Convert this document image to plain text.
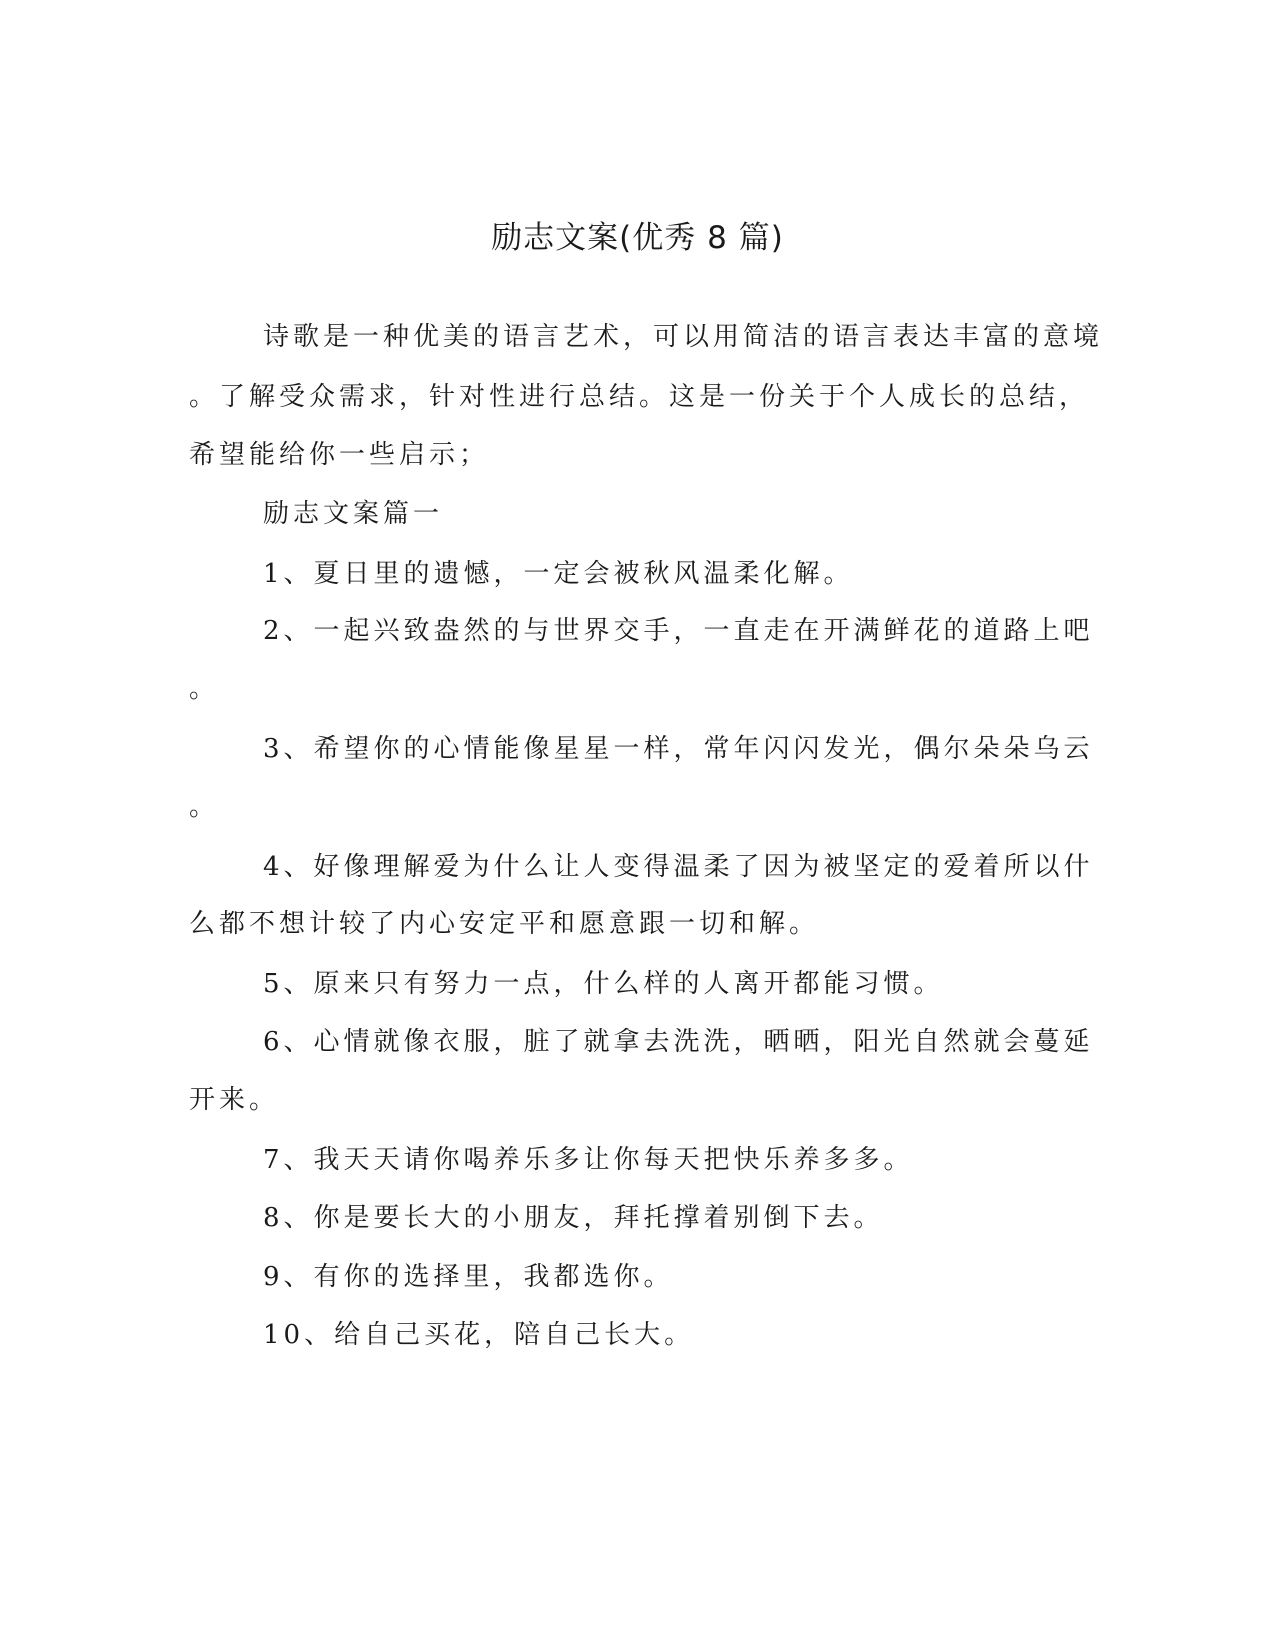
励志文案(优秀 8 篇)

诗歌是一种优美的语言艺术，可以用简洁的语言表达丰富的意境

。了解受众需求，针对性进行总结。这是一份关于个人成长的总结，

希望能给你一些启示；

励志文案篇一

1、夏日里的遗憾，一定会被秋风温柔化解。

2、一起兴致盎然的与世界交手，一直走在开满鲜花的道路上吧

。

3、希望你的心情能像星星一样，常年闪闪发光，偶尔朵朵乌云

。

4、好像理解爱为什么让人变得温柔了因为被坚定的爱着所以什

么都不想计较了内心安定平和愿意跟一切和解。

5、原来只有努力一点，什么样的人离开都能习惯。

6、心情就像衣服，脏了就拿去洗洗，晒晒，阳光自然就会蔓延

开来。

7、我天天请你喝养乐多让你每天把快乐养多多。

8、你是要长大的小朋友，拜托撑着别倒下去。

9、有你的选择里，我都选你。

10、给自己买花，陪自己长大。
